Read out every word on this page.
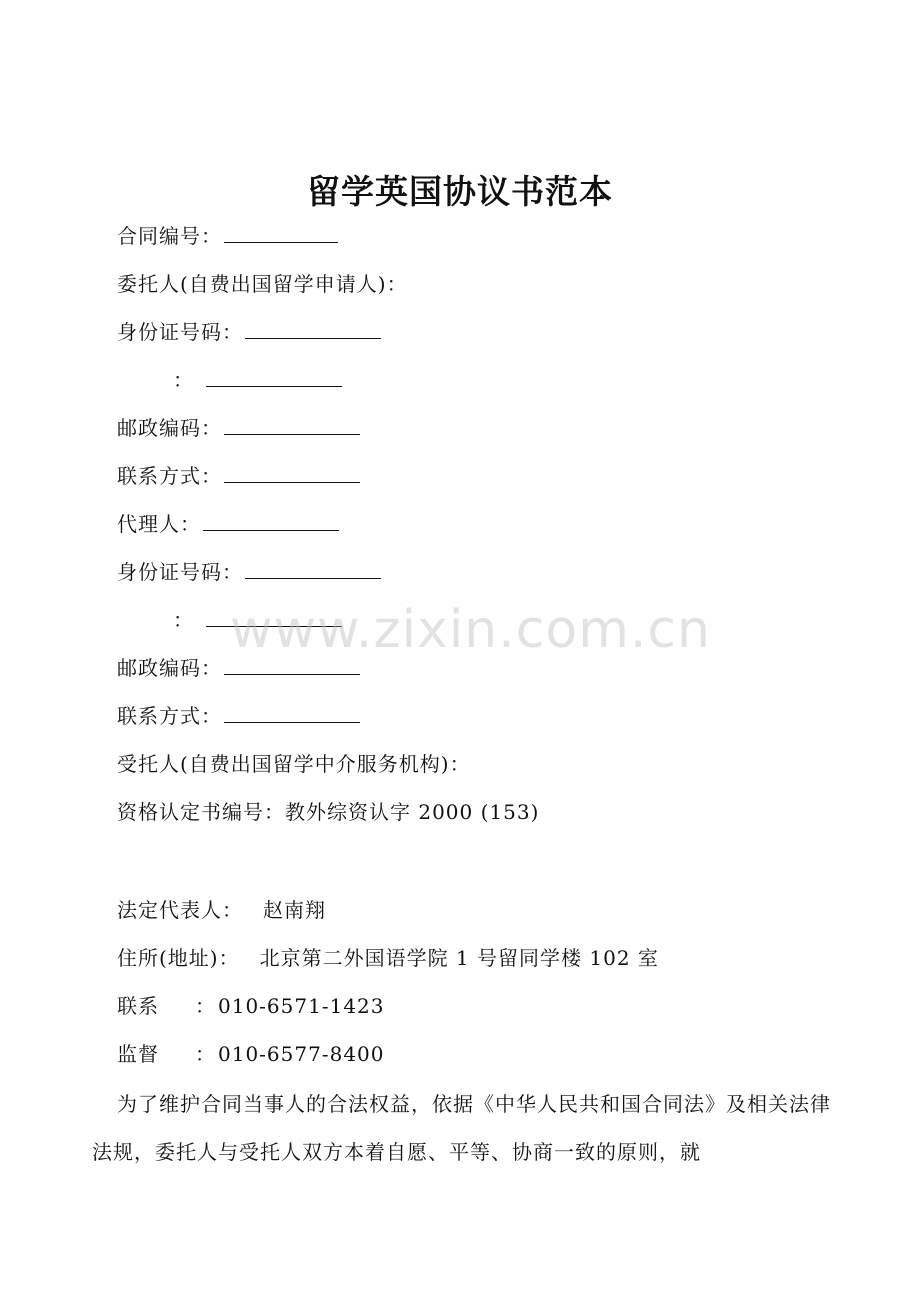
留学英国协议书范本
合同编号：
委托人(自费出国留学申请人)：
身份证号码：
：
邮政编码：
联系方式：
代理人：
身份证号码：
：
邮政编码：
联系方式：
受托人(自费出国留学中介服务机构)：
资格认定书编号：教外综资认字 2000 (153)
法定代表人： 赵南翔
住所(地址)： 北京第二外国语学院 1 号留同学楼 102 室
联系 ： 010-6571-1423
监督 ： 010-6577-8400
为了维护合同当事人的合法权益，依据《中华人民共和国合同法》及相关法律法规，委托人与受托人双方本着自愿、平等、协商一致的原则，就
www.zixin.com.cn
